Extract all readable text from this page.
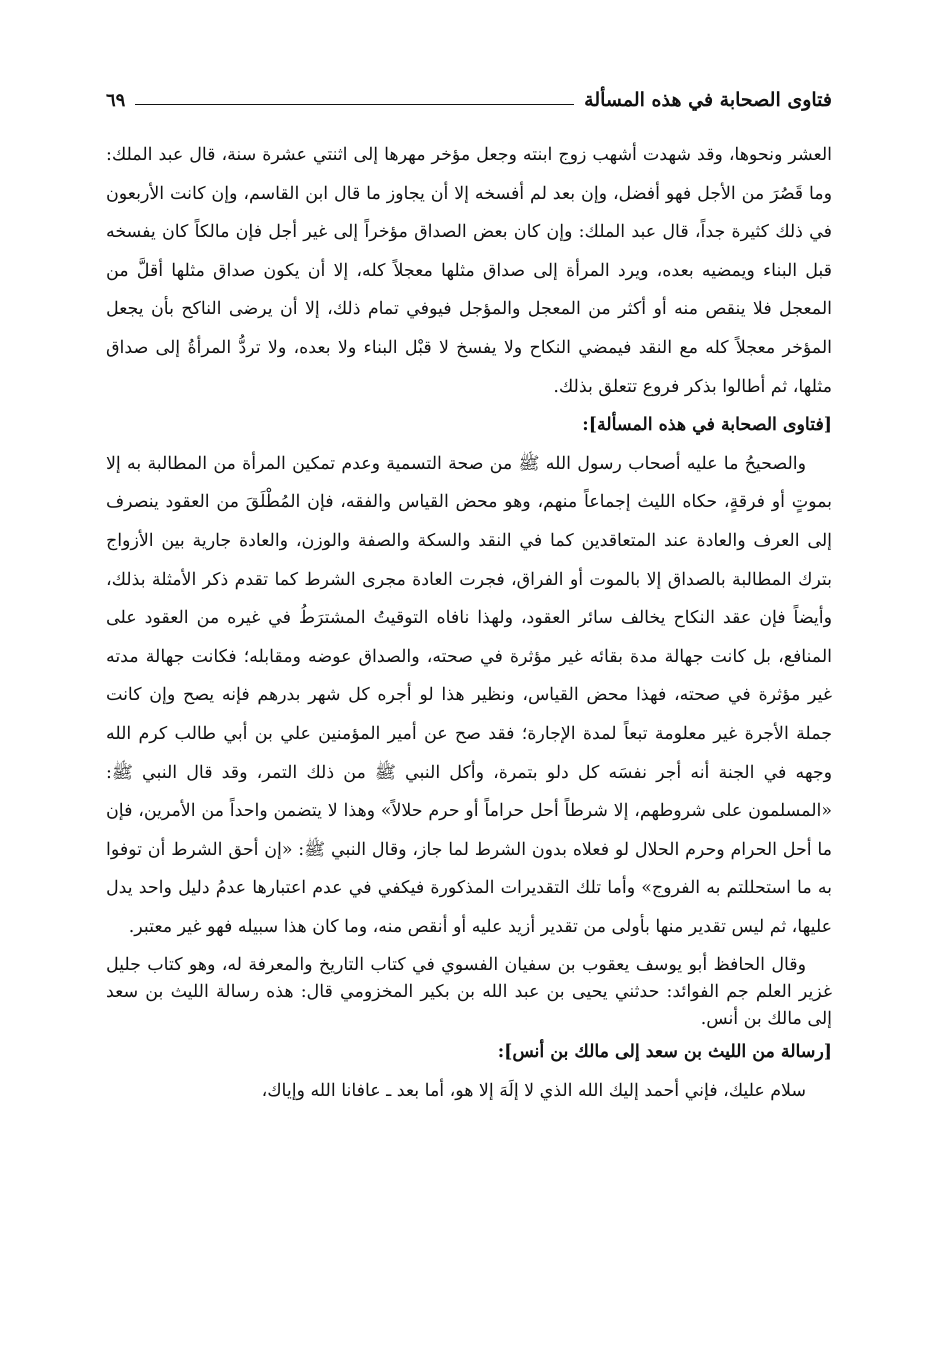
فتاوى الصحابة في هذه المسألة
٦٩

العشر ونحوها، وقد شهدت أشهب زوج ابنته وجعل مؤخر مهرها إلى اثنتي عشرة سنة، قال عبد الملك: وما قَصُرَ من الأجل فهو أفضل، وإن بعد لم أفسخه إلا أن يجاوز ما قال ابن القاسم، وإن كانت الأربعون في ذلك كثيرة جداً، قال عبد الملك: وإن كان بعض الصداق مؤخراً إلى غير أجل فإن مالكاً كان يفسخه قبل البناء ويمضيه بعده، ويرد المرأة إلى صداق مثلها معجلاً كله، إلا أن يكون صداق مثلها أقلَّ من المعجل فلا ينقص منه أو أكثر من المعجل والمؤجل فيوفي تمام ذلك، إلا أن يرضى الناكح بأن يجعل المؤخر معجلاً كله مع النقد فيمضي النكاح ولا يفسخ لا قبْل البناء ولا بعده، ولا تردُّ المرأةُ إلى صداق مثلها، ثم أطالوا بذكر فروع تتعلق بذلك.

[فتاوى الصحابة في هذه المسألة]:

والصحيحُ ما عليه أصحاب رسول الله ﷺ من صحة التسمية وعدم تمكين المرأة من المطالبة به إلا بموتٍ أو فرقةٍ، حكاه الليث إجماعاً منهم، وهو محض القياس والفقه، فإن المُطْلَقَ من العقود ينصرف إلى العرف والعادة عند المتعاقدين كما في النقد والسكة والصفة والوزن، والعادة جارية بين الأزواج بترك المطالبة بالصداق إلا بالموت أو الفراق، فجرت العادة مجرى الشرط كما تقدم ذكر الأمثلة بذلك، وأيضاً فإن عقد النكاح يخالف سائر العقود، ولهذا نافاه التوقيتُ المشترَطُ في غيره من العقود على المنافع، بل كانت جهالة مدة بقائه غير مؤثرة في صحته، والصداق عوضه ومقابله؛ فكانت جهالة مدته غير مؤثرة في صحته، فهذا محض القياس، ونظير هذا لو أجره كل شهر بدرهم فإنه يصح وإن كانت جملة الأجرة غير معلومة تبعاً لمدة الإجارة؛ فقد صح عن أمير المؤمنين علي بن أبي طالب كرم الله وجهه في الجنة أنه أجر نفسَه كل دلو بتمرة، وأكل النبي ﷺ من ذلك التمر، وقد قال النبي ﷺ: «المسلمون على شروطهم، إلا شرطاً أحل حراماً أو حرم حلالاً» وهذا لا يتضمن واحداً من الأمرين، فإن ما أحل الحرام وحرم الحلال لو فعلاه بدون الشرط لما جاز، وقال النبي ﷺ: «إن أحق الشرط أن توفوا به ما استحللتم به الفروج» وأما تلك التقديرات المذكورة فيكفي في عدم اعتبارها عدمُ دليل واحد يدل عليها، ثم ليس تقدير منها بأولى من تقدير أزيد عليه أو أنقص منه، وما كان هذا سبيله فهو غير معتبر.

وقال الحافظ أبو يوسف يعقوب بن سفيان الفسوي في كتاب التاريخ والمعرفة له، وهو كتاب جليل غزير العلم جم الفوائد: حدثني يحيى بن عبد الله بن بكير المخزومي قال: هذه رسالة الليث بن سعد إلى مالك بن أنس.

[رسالة من الليث بن سعد إلى مالك بن أنس]:

سلام عليك، فإني أحمد إليك الله الذي لا إلَهَ إلا هو، أما بعد ـ عافانا الله وإياك،
